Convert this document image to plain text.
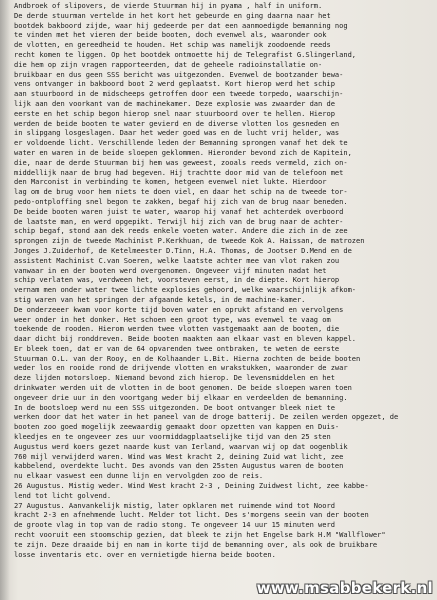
Andbroek of slipovers, de vierde Stuurman hij in pyama , half in uniform.
De derde stuurman vertelde in het kort het gebeurde en ging daarna naar het
bootdek bakboord zijde, waar hij gedeerde per dat een aanmoedigde bemanning nog
te vinden met het vieren der beide booten, doch evenwel als, waaronder ook
de vlotten, en gereedheid te houden. Het schip was namelijk zoodoende reeds
recht komen te liggen. Op het bootdek ontmoette hij de Telegrafist G.Slingerland,
die hem op zijn vragen rapporteerden, dat de geheele radioinstallatie on-
bruikbaar en dus geen SSS bericht was uitgezonden. Evenwel de bootzander bewa-
vens ontvanger in bakboord boot 2 werd geplaatst. Kort hierop werd het schip
aan stuurboord in de midscheeps getroffen door een tweede torpedo, waarschijn-
lijk aan den voorkant van de machinekamer. Deze explosie was zwaarder dan de
eerste en het schip begon hierop snel naar stuurboord over te hellen. Hierop
werden de beide booten te water gevierd en de diverse vlotten los gesneden en
in slipgang losgeslagen. Daar het weder goed was en de lucht vrij helder, was
er voldoende licht. Verschillende leden der Bemanning sprongen vanaf het dek te
water en waren in de beide sloepen geklommen. Hieronder bevond zich de Kapitein,
die, naar de derde Stuurman bij hem was geweest, zooals reeds vermeld, zich on-
middellijk naar de brug had begeven. Hij trachtte door mid van de telefoon met
den Marconist in verbinding te komen, hetgeen evenwel niet lukte. Hierdoor
lag om de brug voor hem niets te doen viel, en daar het schip na de tweede tor-
pedo-ontploffing snel begon te zakken, begaf hij zich van de brug naar beneden.
De beide booten waren juist te water, waarop hij vanaf het achterdek overboord
de laatste man, en werd opgepikt. Terwijl hij zich van de brug naar de achter-
schip begaf, stond aan dek reeds enkele voeten water. Andere die zich in de zee
sprongen zijn de tweede Machinist P.Kerkhuan, de tweede Kok A. Haissan, de matrozen
Jonges J.Zuiderhof, de Ketelmeester D.Tinn, H.A. Thomas, de Jootser D.Mend en de
assistent Machinist C.van Soeren, welke laatste achter mee van vlot raken zou
vanwaar in en der booten werd overgenomen. Ongeveer vijf minuten nadat het
schip verlaten was, verdween het, voorsteven eerst, in de diepte. Kort hierop
vernam men onder water twee lichte explosies gehoord, welke waarschijnlijk afkom-
stig waren van het springen der afgaande ketels, in de machine-kamer.
De onderzeeer kwam voor korte tijd boven water en oprukt afstand en vervolgens
weer onder in het donker. Het schoen een groot type, was evenwel te vaag om
toekende de rooden. Hierom werden twee vlotten vastgemaakt aan de booten, die
daar dicht bij ronddreven. Beide booten maakten aan elkaar vast en bleven kappel.
Er bleek toen, dat er van de 64 opvarenden twee ontbraken, te weten de eerste
Stuurman O.L. van der Rooy, en de Kolhaander L.Bit. Hierna zochten de beide booten
weder los en rooide rond de drijvende vlotten en wrakstukken, waaronder de zwar
deze lijden motorsloep. Niemand bevond zich hierop. De levensmiddelen en het
drinkwater werden uit de vlotten in de boot genomen. De beide sloepen waren toen
ongeveer drie uur in den voortgang weder bij elkaar en verdeelden de bemanning.
In de bootsloep werd nu een SSS uitgezonden. De boot ontvanger bleek niet te
werken door dat het water in het paneel van de droge batterij. De zeilen werden opgezet, de
booten zoo goed mogelijk zeewaardig gemaakt door opzetten van kappen en Duis-
kleedjes en te ongeveer zes uur voormiddagplaatselijke tijd van den 25 sten
Augustus werd koers gezet naarde kust van Ierland, waarvan wij op dat oogenblik
760 mijl verwijderd waren. Wind was West kracht 2, deining Zuid wat licht, zee
kabbelend, overdekte lucht. Des avonds van den 25sten Augustus waren de booten
nu elkaar vaswest een dunne lijn en vervolgden zoo de reis.
26 Augustus. Mistig weder. Wind West kracht 2-3 , Deining Zuidwest licht, zee kabbe-
lend tot licht golvend.
27 Augustus. Aanvankelijk mistig, later opklaren met ruimende wind tot Noord
kracht 2-3 en afnehmende lucht. Melder tot licht. Des s'morgens seein van der booten
de groote vlag in top van de radio stong. Te ongeveer 14 uur 15 minuten werd
recht vooruit een stoomschip gezien, dat bleek te zijn het Engelse bark H.M "Wallflower"
te zijn. Deze draaide bij en nam in korte tijd de bemanning over, als ook de bruikbare
losse inventaris etc. over en vernietigde hierna beide booten.
www.msabbekerk.nl
